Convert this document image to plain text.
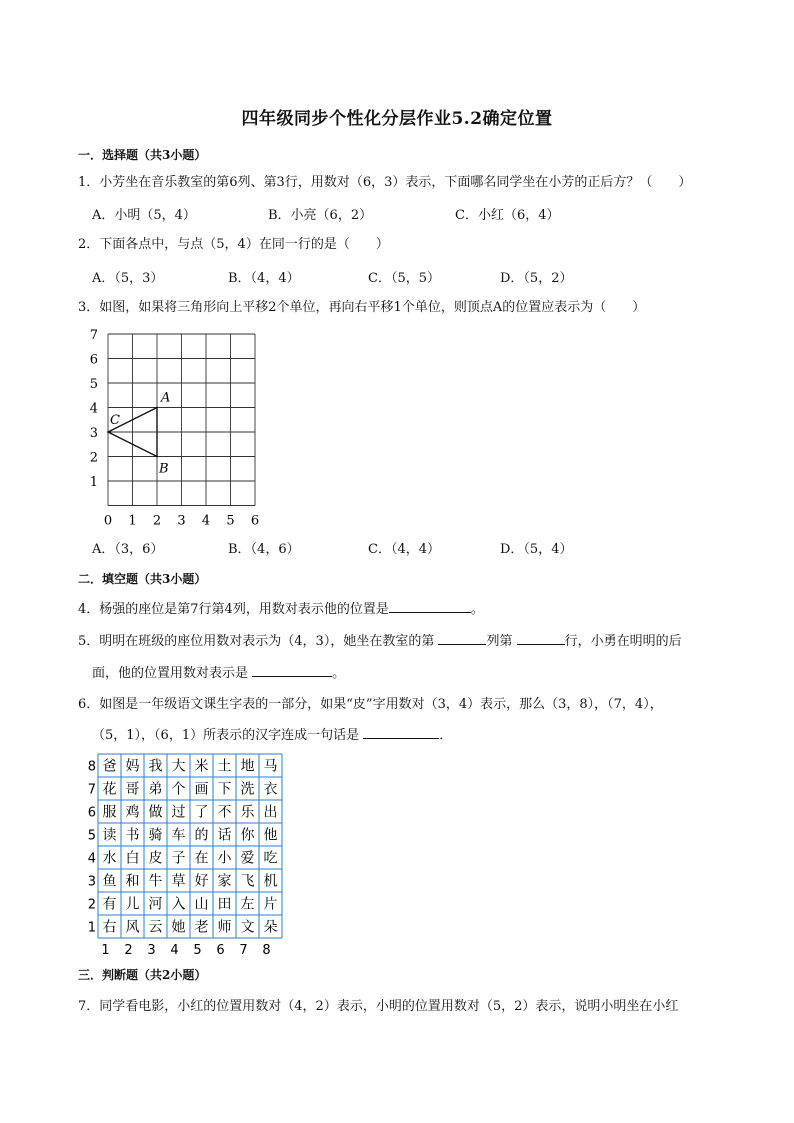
四年级同步个性化分层作业5.2确定位置
一．选择题（共3小题）
1．小芳坐在音乐教室的第6列、第3行，用数对（6，3）表示，下面哪名同学坐在小芳的正后方？（　　）
A．小明（5，4）	B．小亮（6，2）	C．小红（6，4）
2．下面各点中，与点（5，4）在同一行的是（　　）
A．（5，3）	B．（4，4）	C．（5，5）	D．（5，2）
3．如图，如果将三角形向上平移2个单位，再向右平移1个单位，则顶点A的位置应表示为（　　）
0 1 2 3 4 5 6
1
2
3
4
5
6
7
A
B
C
A．（3，6）	B．（4，6）	C．（4，4）	D．（5，4）
二．填空题（共3小题）
4．杨强的座位是第7行第4列，用数对表示他的位置是	。
5．明明在班级的座位用数对表示为（4，3），她坐在教室的第	列第	行，小勇在明明的后
面，他的位置用数对表示是	。
6．如图是一年级语文课生字表的一部分，如果“皮”字用数对（3，4）表示，那么（3，8），（7，4），
（5，1），（6，1）所表示的汉字连成一句话是	．
8 爸 妈 我 大 米 土 地 马
7 花 哥 弟 个 画 下 洗 衣
6 服 鸡 做 过 了 不 乐 出
5 读 书 骑 车 的 话 你 他
4 水 白 皮 子 在 小 爱 吃
3 鱼 和 牛 草 好 家 飞 机
2 有 儿 河 入 山 田 左 片
1 右 风 云 她 老 师 文 朵
1 2 3 4 5 6 7 8
三．判断题（共2小题）
7．同学看电影，小红的位置用数对（4，2）表示，小明的位置用数对（5，2）表示，说明小明坐在小红
